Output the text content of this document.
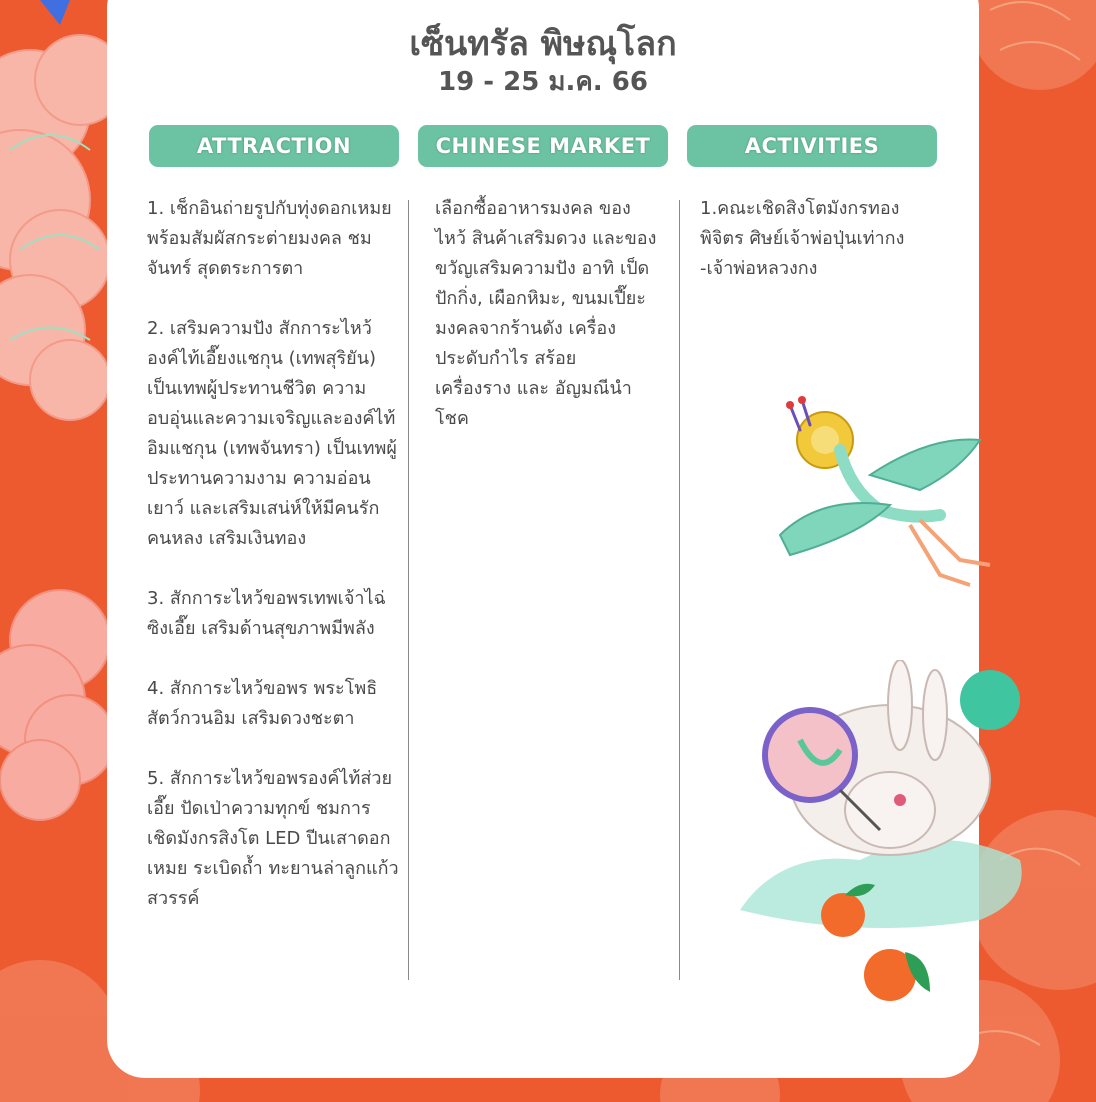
เซ็นทรัล พิษณุโลก
19 - 25 ม.ค. 66
ATTRACTION	CHINESE MARKET	ACTIVITIES

1. เช็กอินถ่ายรูปกับทุ่งดอกเหมย พร้อมสัมผัสกระต่ายมงคล ชมจันทร์ สุดตระการตา

2. เสริมความปัง สักการะไหว้ องค์ไท้เอี๊ยงแชกุน (เทพสุริยัน) เป็นเทพผู้ประทานชีวิต ความอบอุ่นและความเจริญและองค์ไท้อิมแชกุน (เทพจันทรา) เป็นเทพผู้ประทานความงาม ความอ่อนเยาว์ และเสริมเสน่ห์ให้มีคนรักคนหลง เสริมเงินทอง

3. สักการะไหว้ขอพรเทพเจ้าไฉ่ซิงเอี๊ย เสริมด้านสุขภาพมีพลัง

4. สักการะไหว้ขอพร พระโพธิสัตว์กวนอิม เสริมดวงชะตา

5. สักการะไหว้ขอพรองค์ไท้ส่วยเอี๊ย ปัดเป่าความทุกข์ ชมการเชิดมังกรสิงโต LED ปีนเสาดอกเหมย ระเบิดถ้ำ ทะยานล่าลูกแก้วสวรรค์

เลือกซื้ออาหารมงคล ของไหว้ สินค้าเสริมดวง และของขวัญเสริมความปัง อาทิ เป็ดปักกิ่ง, เผือกหิมะ, ขนมเปี๊ยะมงคลจากร้านดัง เครื่องประดับกำไร สร้อย เครื่องราง และ อัญมณีนำโชค

1.คณะเชิดสิงโตมังกรทอง พิจิตร ศิษย์เจ้าพ่อปุ่นเท่ากง -เจ้าพ่อหลวงกง
